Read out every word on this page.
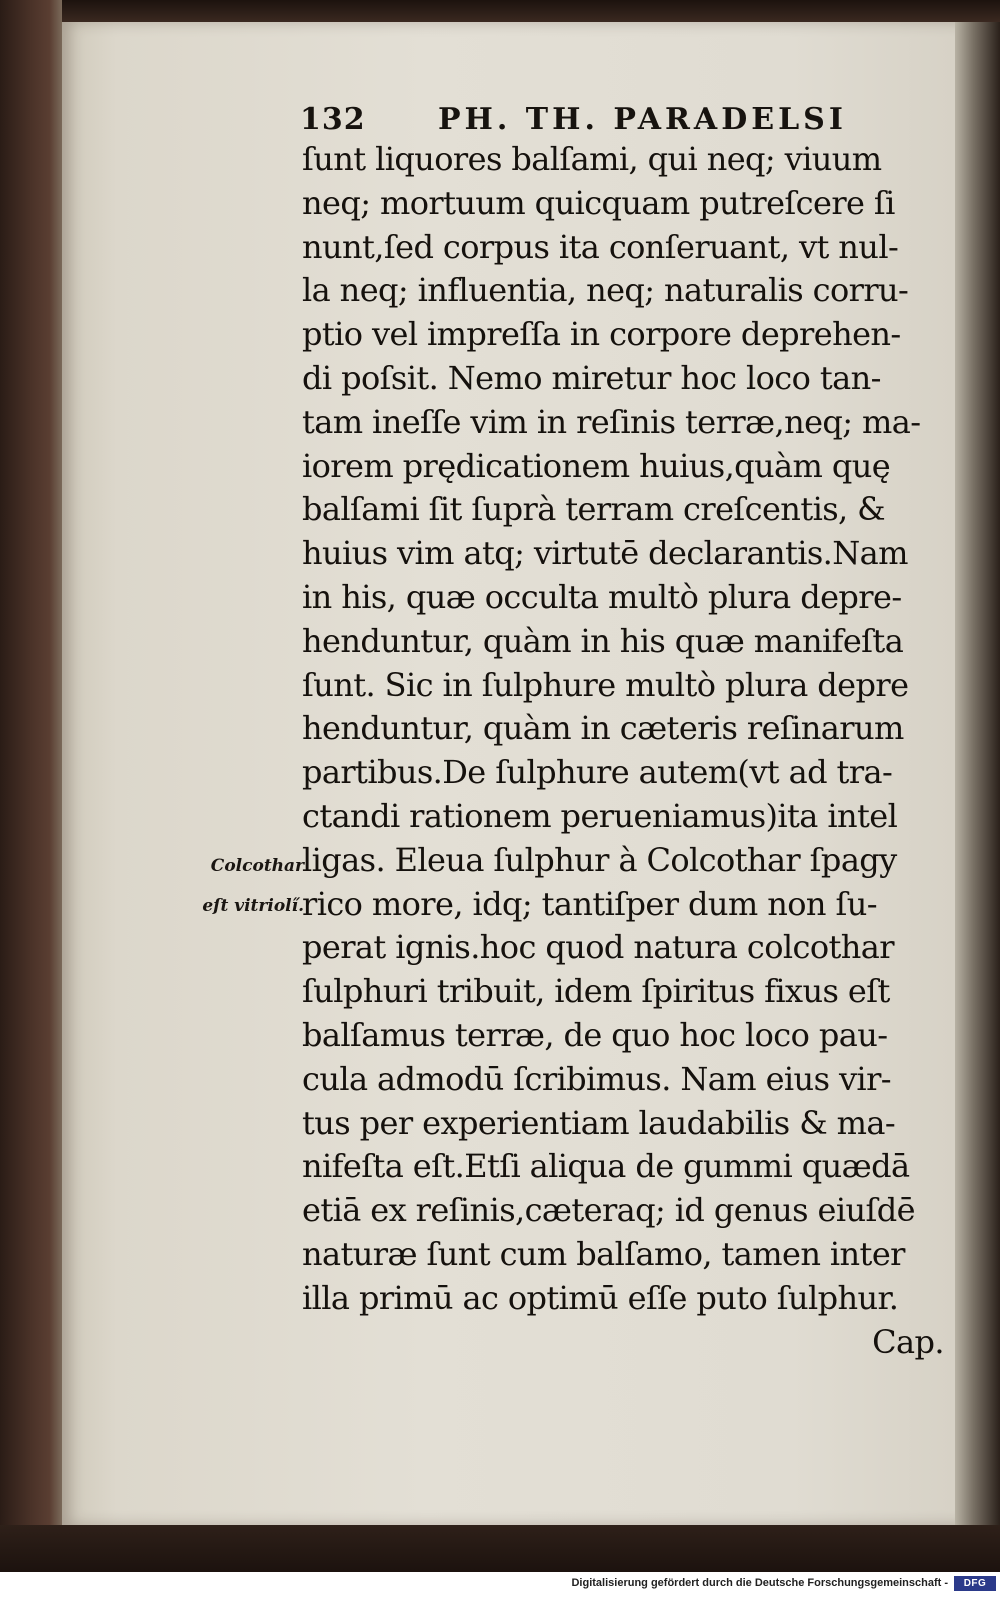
132 PH. TH. PARADELSI
Colcothar
eſt vitrioli̋.
ſunt liquores balſami, qui neq; viuum
neq; mortuum quicquam putreſcere ſi
nunt,ſed corpus ita conſeruant, vt nul-
la neq; influentia, neq; naturalis corru-
ptio vel impreſſa in corpore deprehen-
di poſsit. Nemo miretur hoc loco tan-
tam ineſſe vim in reſinis terræ,neq; ma-
iorem prędicationem huius,quàm quę
balſami ſit ſuprà terram creſcentis, &
huius vim atq; virtutē declarantis.Nam
in his, quæ occulta multò plura depre-
henduntur, quàm in his quæ manifeſta
ſunt. Sic in ſulphure multò plura depre
henduntur, quàm in cæteris reſinarum
partibus.De ſulphure autem(vt ad tra-
ctandi rationem perueniamus)ita intel
ligas. Eleua ſulphur à Colcothar ſpagy
rico more, idq; tantiſper dum non ſu-
perat ignis.hoc quod natura colcothar
ſulphuri tribuit, idem ſpiritus fixus eſt
balſamus terræ, de quo hoc loco pau-
cula admodū ſcribimus. Nam eius vir-
tus per experientiam laudabilis & ma-
nifeſta eſt.Etſi aliqua de gummi quædā
etiā ex reſinis,cæteraq; id genus eiuſdē
naturæ ſunt cum balſamo, tamen inter
illa primū ac optimū eſſe puto ſulphur.
Cap.
Digitalisierung gefördert durch die Deutsche Forschungsgemeinschaft -	DFG
